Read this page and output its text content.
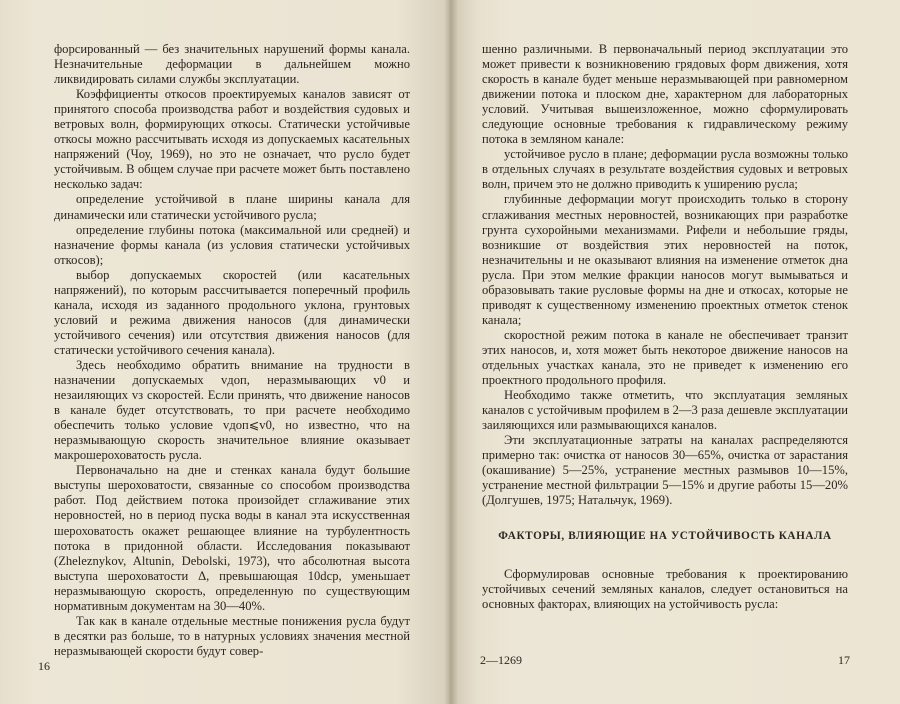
форсированный — без значительных нарушений формы канала. Незначительные деформации в дальнейшем можно ликвидировать силами службы эксплуатации.

Коэффициенты откосов проектируемых каналов зависят от принятого способа производства работ и воздействия судовых и ветровых волн, формирующих откосы. Статически устойчивые откосы можно рассчитывать исходя из допускаемых касательных напряжений (Чоу, 1969), но это не означает, что русло будет устойчивым. В общем случае при расчете может быть поставлено несколько задач:

определение устойчивой в плане ширины канала для динамически или статически устойчивого русла;

определение глубины потока (максимальной или средней) и назначение формы канала (из условия статически устойчивых откосов);

выбор допускаемых скоростей (или касательных напряжений), по которым рассчитывается поперечный профиль канала, исходя из заданного продольного уклона, грунтовых условий и режима движения наносов (для динамически устойчивого сечения) или отсутствия движения наносов (для статически устойчивого сечения канала).

Здесь необходимо обратить внимание на трудности в назначении допускаемых vдоп, неразмывающих v0 и незаиляющих vз скоростей. Если принять, что движение наносов в канале будет отсутствовать, то при расчете необходимо обеспечить только условие vдоп⩽v0, но известно, что на неразмывающую скорость значительное влияние оказывает макрошероховатость русла.

Первоначально на дне и стенках канала будут большие выступы шероховатости, связанные со способом производства работ. Под действием потока произойдет сглаживание этих неровностей, но в период пуска воды в канал эта искусственная шероховатость окажет решающее влияние на турбулентность потока в придонной области. Исследования показывают (Zheleznykov, Altunin, Debolski, 1973), что абсолютная высота выступа шероховатости Δ, превышающая 10dср, уменьшает неразмывающую скорость, определенную по существующим нормативным документам на 30—40%.

Так как в канале отдельные местные понижения русла будут в десятки раз больше, то в натурных условиях значения местной неразмывающей скорости будут совер-

16

шенно различными. В первоначальный период эксплуатации это может привести к возникновению грядовых форм движения, хотя скорость в канале будет меньше неразмывающей при равномерном движении потока и плоском дне, характерном для лабораторных условий. Учитывая вышеизложенное, можно сформулировать следующие основные требования к гидравлическому режиму потока в земляном канале:

устойчивое русло в плане; деформации русла возможны только в отдельных случаях в результате воздействия судовых и ветровых волн, причем это не должно приводить к уширению русла;

глубинные деформации могут происходить только в сторону сглаживания местных неровностей, возникающих при разработке грунта сухоройными механизмами. Рифели и небольшие гряды, возникшие от воздействия этих неровностей на поток, незначительны и не оказывают влияния на изменение отметок дна русла. При этом мелкие фракции наносов могут вымываться и образовывать такие русловые формы на дне и откосах, которые не приводят к существенному изменению проектных отметок стенок канала;

скоростной режим потока в канале не обеспечивает транзит этих наносов, и, хотя может быть некоторое движение наносов на отдельных участках канала, это не приведет к изменению его проектного продольного профиля.

Необходимо также отметить, что эксплуатация земляных каналов с устойчивым профилем в 2—3 раза дешевле эксплуатации заиляющихся или размывающихся каналов.

Эти эксплуатационные затраты на каналах распределяются примерно так: очистка от наносов 30—65%, очистка от зарастания (окашивание) 5—25%, устранение местных размывов 10—15%, устранение местной фильтрации 5—15% и другие работы 15—20% (Долгушев, 1975; Натальчук, 1969).

ФАКТОРЫ, ВЛИЯЮЩИЕ НА УСТОЙЧИВОСТЬ КАНАЛА

Сформулировав основные требования к проектированию устойчивых сечений земляных каналов, следует остановиться на основных факторах, влияющих на устойчивость русла:

2—1269	17
